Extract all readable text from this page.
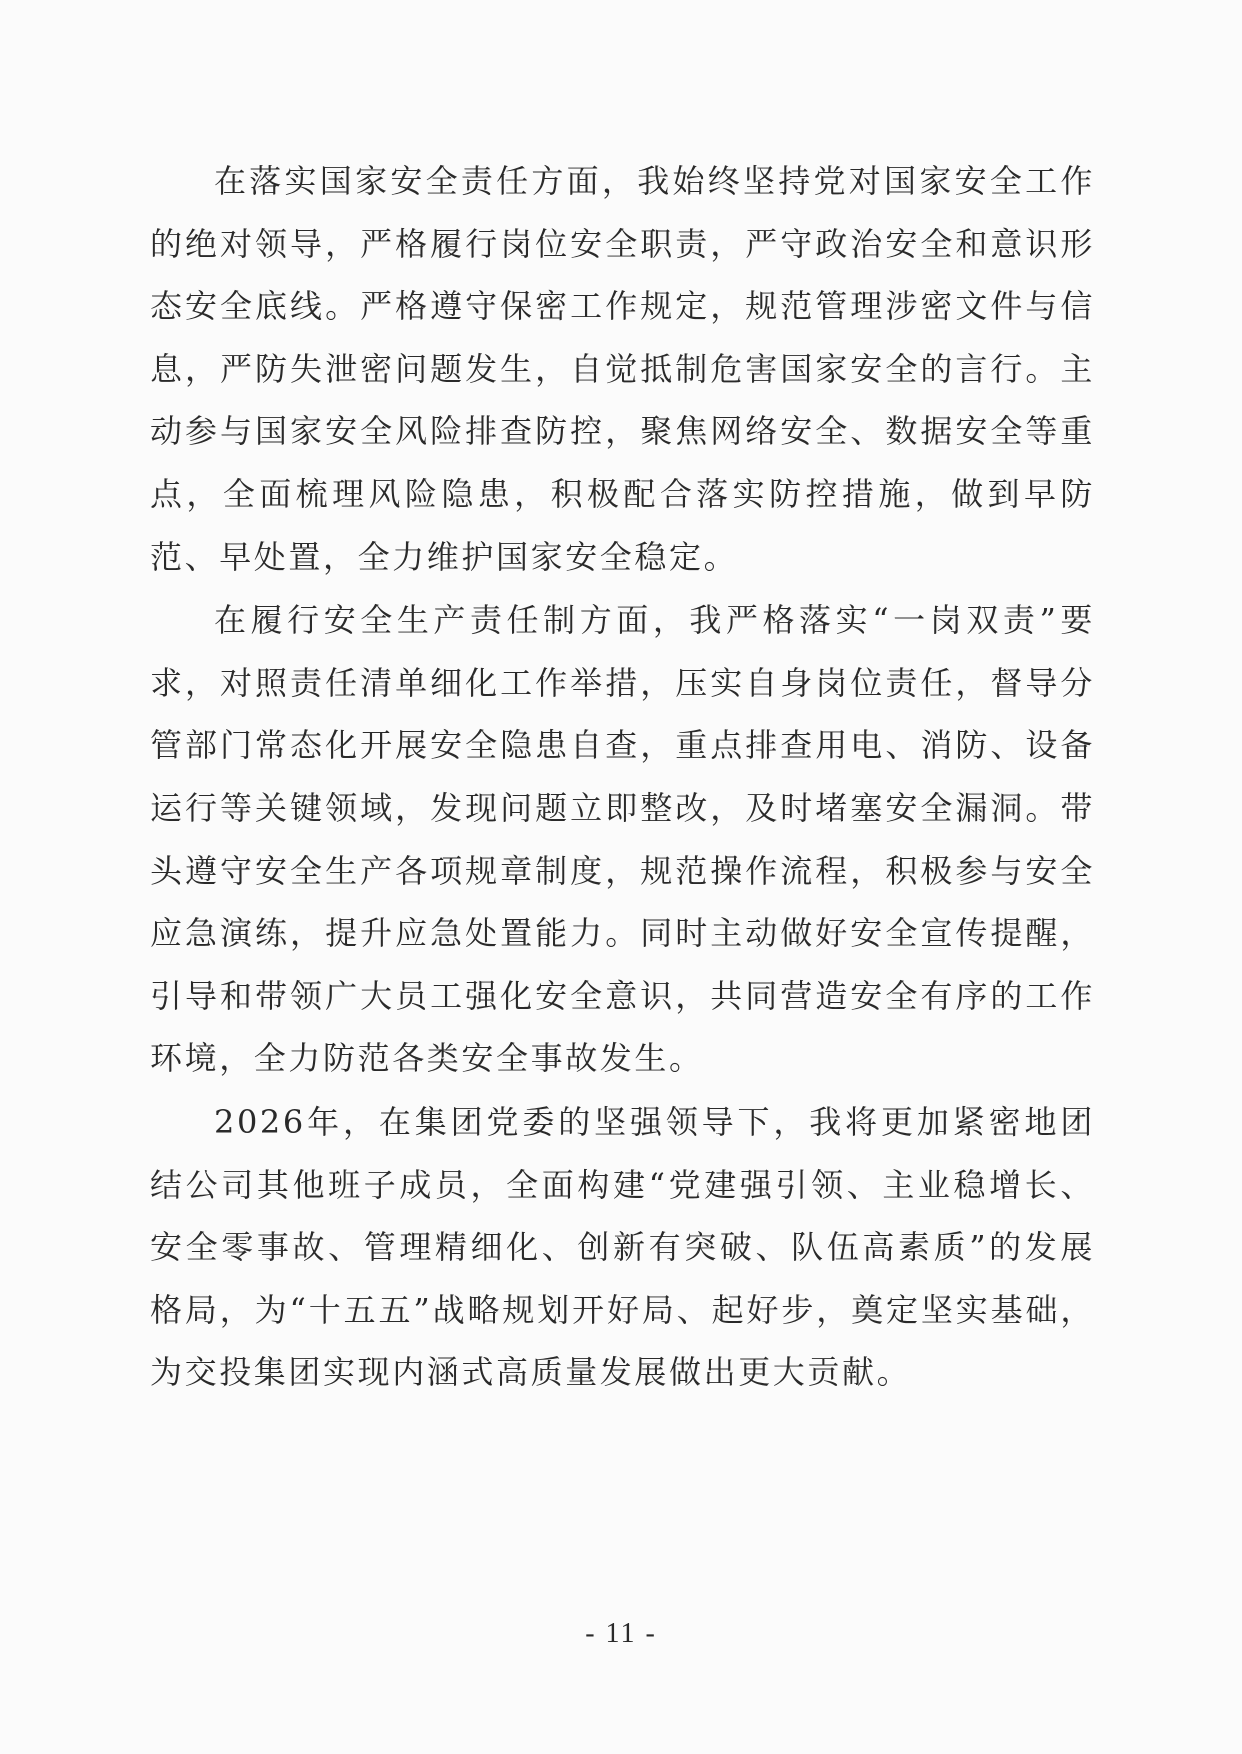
在落实国家安全责任方面，我始终坚持党对国家安全工作的绝对领导，严格履行岗位安全职责，严守政治安全和意识形态安全底线。严格遵守保密工作规定，规范管理涉密文件与信息，严防失泄密问题发生，自觉抵制危害国家安全的言行。主动参与国家安全风险排查防控，聚焦网络安全、数据安全等重点，全面梳理风险隐患，积极配合落实防控措施，做到早防范、早处置，全力维护国家安全稳定。

在履行安全生产责任制方面，我严格落实“一岗双责”要求，对照责任清单细化工作举措，压实自身岗位责任，督导分管部门常态化开展安全隐患自查，重点排查用电、消防、设备运行等关键领域，发现问题立即整改，及时堵塞安全漏洞。带头遵守安全生产各项规章制度，规范操作流程，积极参与安全应急演练，提升应急处置能力。同时主动做好安全宣传提醒，引导和带领广大员工强化安全意识，共同营造安全有序的工作环境，全力防范各类安全事故发生。

2026年，在集团党委的坚强领导下，我将更加紧密地团结公司其他班子成员，全面构建“党建强引领、主业稳增长、安全零事故、管理精细化、创新有突破、队伍高素质”的发展格局，为“十五五”战略规划开好局、起好步，奠定坚实基础，为交投集团实现内涵式高质量发展做出更大贡献。

- 11 -
